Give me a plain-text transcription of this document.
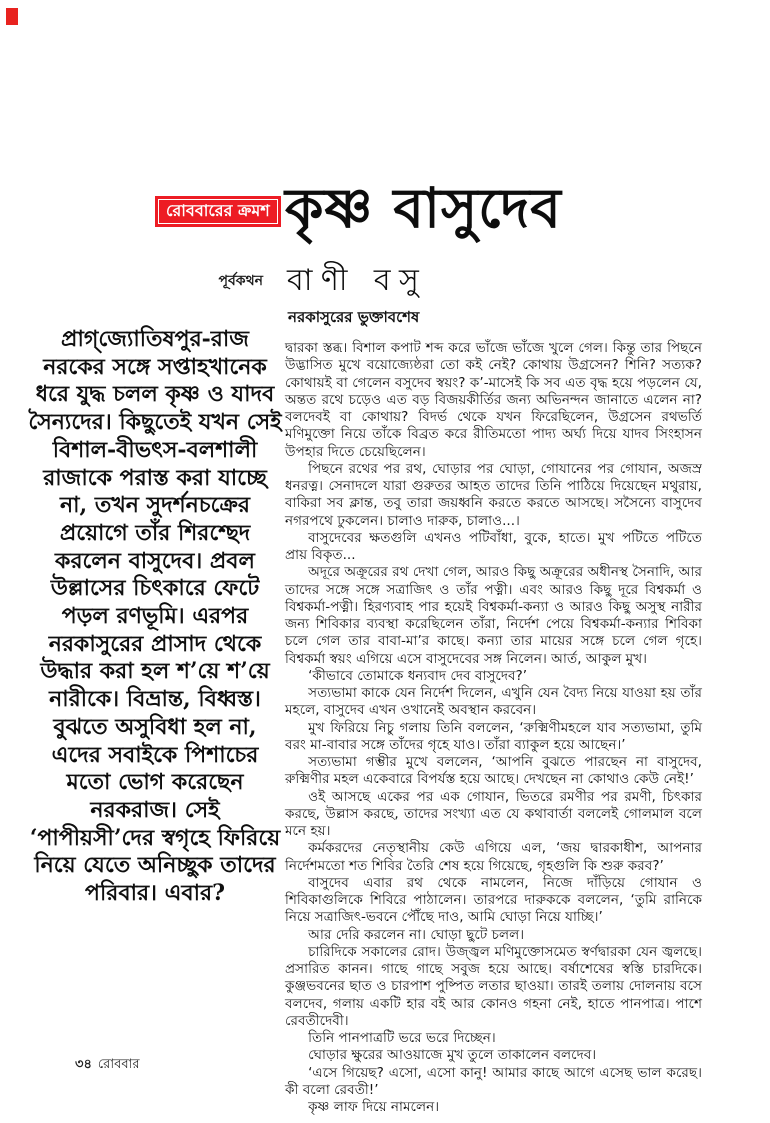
রোববারের ক্রমশ কৃষ্ণ বাসুদেব
পূর্বকথন বাণী বসু
নরকাসুরের ভুক্তাবশেষ
প্রাগ্‌জ্যোতিষপুর-রাজ নরকের সঙ্গে সপ্তাহখানেক ধরে যুদ্ধ চলল কৃষ্ণ ও যাদব সৈন্যদের। কিছুতেই যখন সেই বিশাল-বীভৎস-বলশালী রাজাকে পরাস্ত করা যাচ্ছে না, তখন সুদর্শনচক্রের প্রয়োগে তাঁর শিরশ্ছেদ করলেন বাসুদেব। প্রবল উল্লাসের চিৎকারে ফেটে পড়ল রণভূমি। এরপর নরকাসুরের প্রাসাদ থেকে উদ্ধার করা হল শ’য়ে শ’য়ে নারীকে। বিভ্রান্ত, বিধ্বস্ত। বুঝতে অসুবিধা হল না, এদের সবাইকে পিশাচের মতো ভোগ করেছেন নরকরাজ। সেই ‘পাপীয়সী’দের স্বগৃহে ফিরিয়ে নিয়ে যেতে অনিচ্ছুক তাদের পরিবার। এবার?

দ্বারকা স্তব্ধ। বিশাল কপাট শব্দ করে ভাঁজে ভাঁজে খুলে গেল। কিন্তু তার পিছনে উদ্ভাসিত মুখে বয়োজ্যেষ্ঠরা তো কই নেই? কোথায় উগ্রসেন? শিনি? সত্যক? কোথায়ই বা গেলেন বসুদেব স্বয়ং? ক’-মাসেই কি সব এত বৃদ্ধ হয়ে পড়লেন যে, অন্তত রথে চড়েও এত বড় বিজয়কীর্তির জন্য অভিনন্দন জানাতে এলেন না? বলদেবই বা কোথায়? বিদর্ভ থেকে যখন ফিরেছিলেন, উগ্রসেন রথভর্তি মণিমুক্তো নিয়ে তাঁকে বিব্রত করে রীতিমতো পাদ্য অর্ঘ্য দিয়ে যাদব সিংহাসন উপহার দিতে চেয়েছিলেন।

পিছনে রথের পর রথ, ঘোড়ার পর ঘোড়া, গোযানের পর গোযান, অজস্র ধনরত্ন। সেনাদলে যারা গুরুতর আহত তাদের তিনি পাঠিয়ে দিয়েছেন মথুরায়, বাকিরা সব ক্লান্ত, তবু তারা জয়ধ্বনি করতে করতে আসছে। সসৈন্যে বাসুদেব নগরপথে ঢুকলেন। চালাও দারুক, চালাও...।

বাসুদেবের ক্ষতগুলি এখনও পটিবাঁধা, বুকে, হাতে। মুখ পটিতে পটিতে প্রায় বিকৃত...

অদূরে অক্রূরের রথ দেখা গেল, আরও কিছু অক্রূরের অধীনস্থ সৈনাদি, আর তাদের সঙ্গে সঙ্গে সত্রাজিৎ ও তাঁর পত্নী। এবং আরও কিছু দূরে বিশ্বকর্মা ও বিশ্বকর্মা-পত্নী। হিরণ্যবাহ পার হয়েই বিশ্বকর্মা-কন্যা ও আরও কিছু অসুস্থ নারীর জন্য শিবিকার ব্যবস্থা করেছিলেন তাঁরা, নির্দেশ পেয়ে বিশ্বকর্মা-কন্যার শিবিকা চলে গেল তার বাবা-মা’র কাছে। কন্যা তার মায়ের সঙ্গে চলে গেল গৃহে। বিশ্বকর্মা স্বয়ং এগিয়ে এসে বাসুদেবের সঙ্গ নিলেন। আর্ত, আকুল মুখ।

‘কীভাবে তোমাকে ধন্যবাদ দেব বাসুদেব?’

সত্যভামা কাকে যেন নির্দেশ দিলেন, এখুনি যেন বৈদ্য নিয়ে যাওয়া হয় তাঁর মহলে, বাসুদেব এখন ওখানেই অবস্থান করবেন।

মুখ ফিরিয়ে নিচু গলায় তিনি বললেন, ‘রুক্মিণীমহলে যাব সত্যভামা, তুমি বরং মা-বাবার সঙ্গে তাঁদের গৃহে যাও। তাঁরা ব্যাকুল হয়ে আছেন।’

সত্যভামা গম্ভীর মুখে বললেন, ‘আপনি বুঝতে পারছেন না বাসুদেব, রুক্মিণীর মহল একেবারে বিপর্যস্ত হয়ে আছে। দেখছেন না কোথাও কেউ নেই!’

ওই আসছে একের পর এক গোযান, ভিতরে রমণীর পর রমণী, চিৎকার করছে, উল্লাস করছে, তাদের সংখ্যা এত যে কথাবার্তা বললেই গোলমাল বলে মনে হয়।

কর্মকরদের নেতৃস্থানীয় কেউ এগিয়ে এল, ‘জয় দ্বারকাধীশ, আপনার নির্দেশমতো শত শিবির তৈরি শেষ হয়ে গিয়েছে, গৃহগুলি কি শুরু করব?’

বাসুদেব এবার রথ থেকে নামলেন, নিজে দাঁড়িয়ে গোযান ও শিবিকাগুলিকে শিবিরে পাঠালেন। তারপরে দারুককে বললেন, ‘তুমি রানিকে নিয়ে সত্রাজিৎ-ভবনে পৌঁছে দাও, আমি ঘোড়া নিয়ে যাচ্ছি।’

আর দেরি করলেন না। ঘোড়া ছুটে চলল।

চারিদিকে সকালের রোদ। উজ্জ্বল মণিমুক্তোসমেত স্বর্ণদ্বারকা যেন জ্বলছে। প্রসারিত কানন। গাছে গাছে সবুজ হয়ে আছে। বর্ষাশেষের স্বস্তি চারদিকে। কুঞ্জভবনের ছাত ও চারপাশ পুষ্পিত লতার ছাওয়া। তারই তলায় দোলনায় বসে বলদেব, গলায় একটি হার বই আর কোনও গহনা নেই, হাতে পানপাত্র। পাশে রেবতীদেবী।

তিনি পানপাত্রটি ভরে ভরে দিচ্ছেন।

ঘোড়ার ক্ষুরের আওয়াজে মুখ তুলে তাকালেন বলদেব।

‘এসে গিয়েছ? এসো, এসো কানু! আমার কাছে আগে এসেছ ভাল করেছ। কী বলো রেবতী!’

কৃষ্ণ লাফ দিয়ে নামলেন।

৩৪ রোববার
